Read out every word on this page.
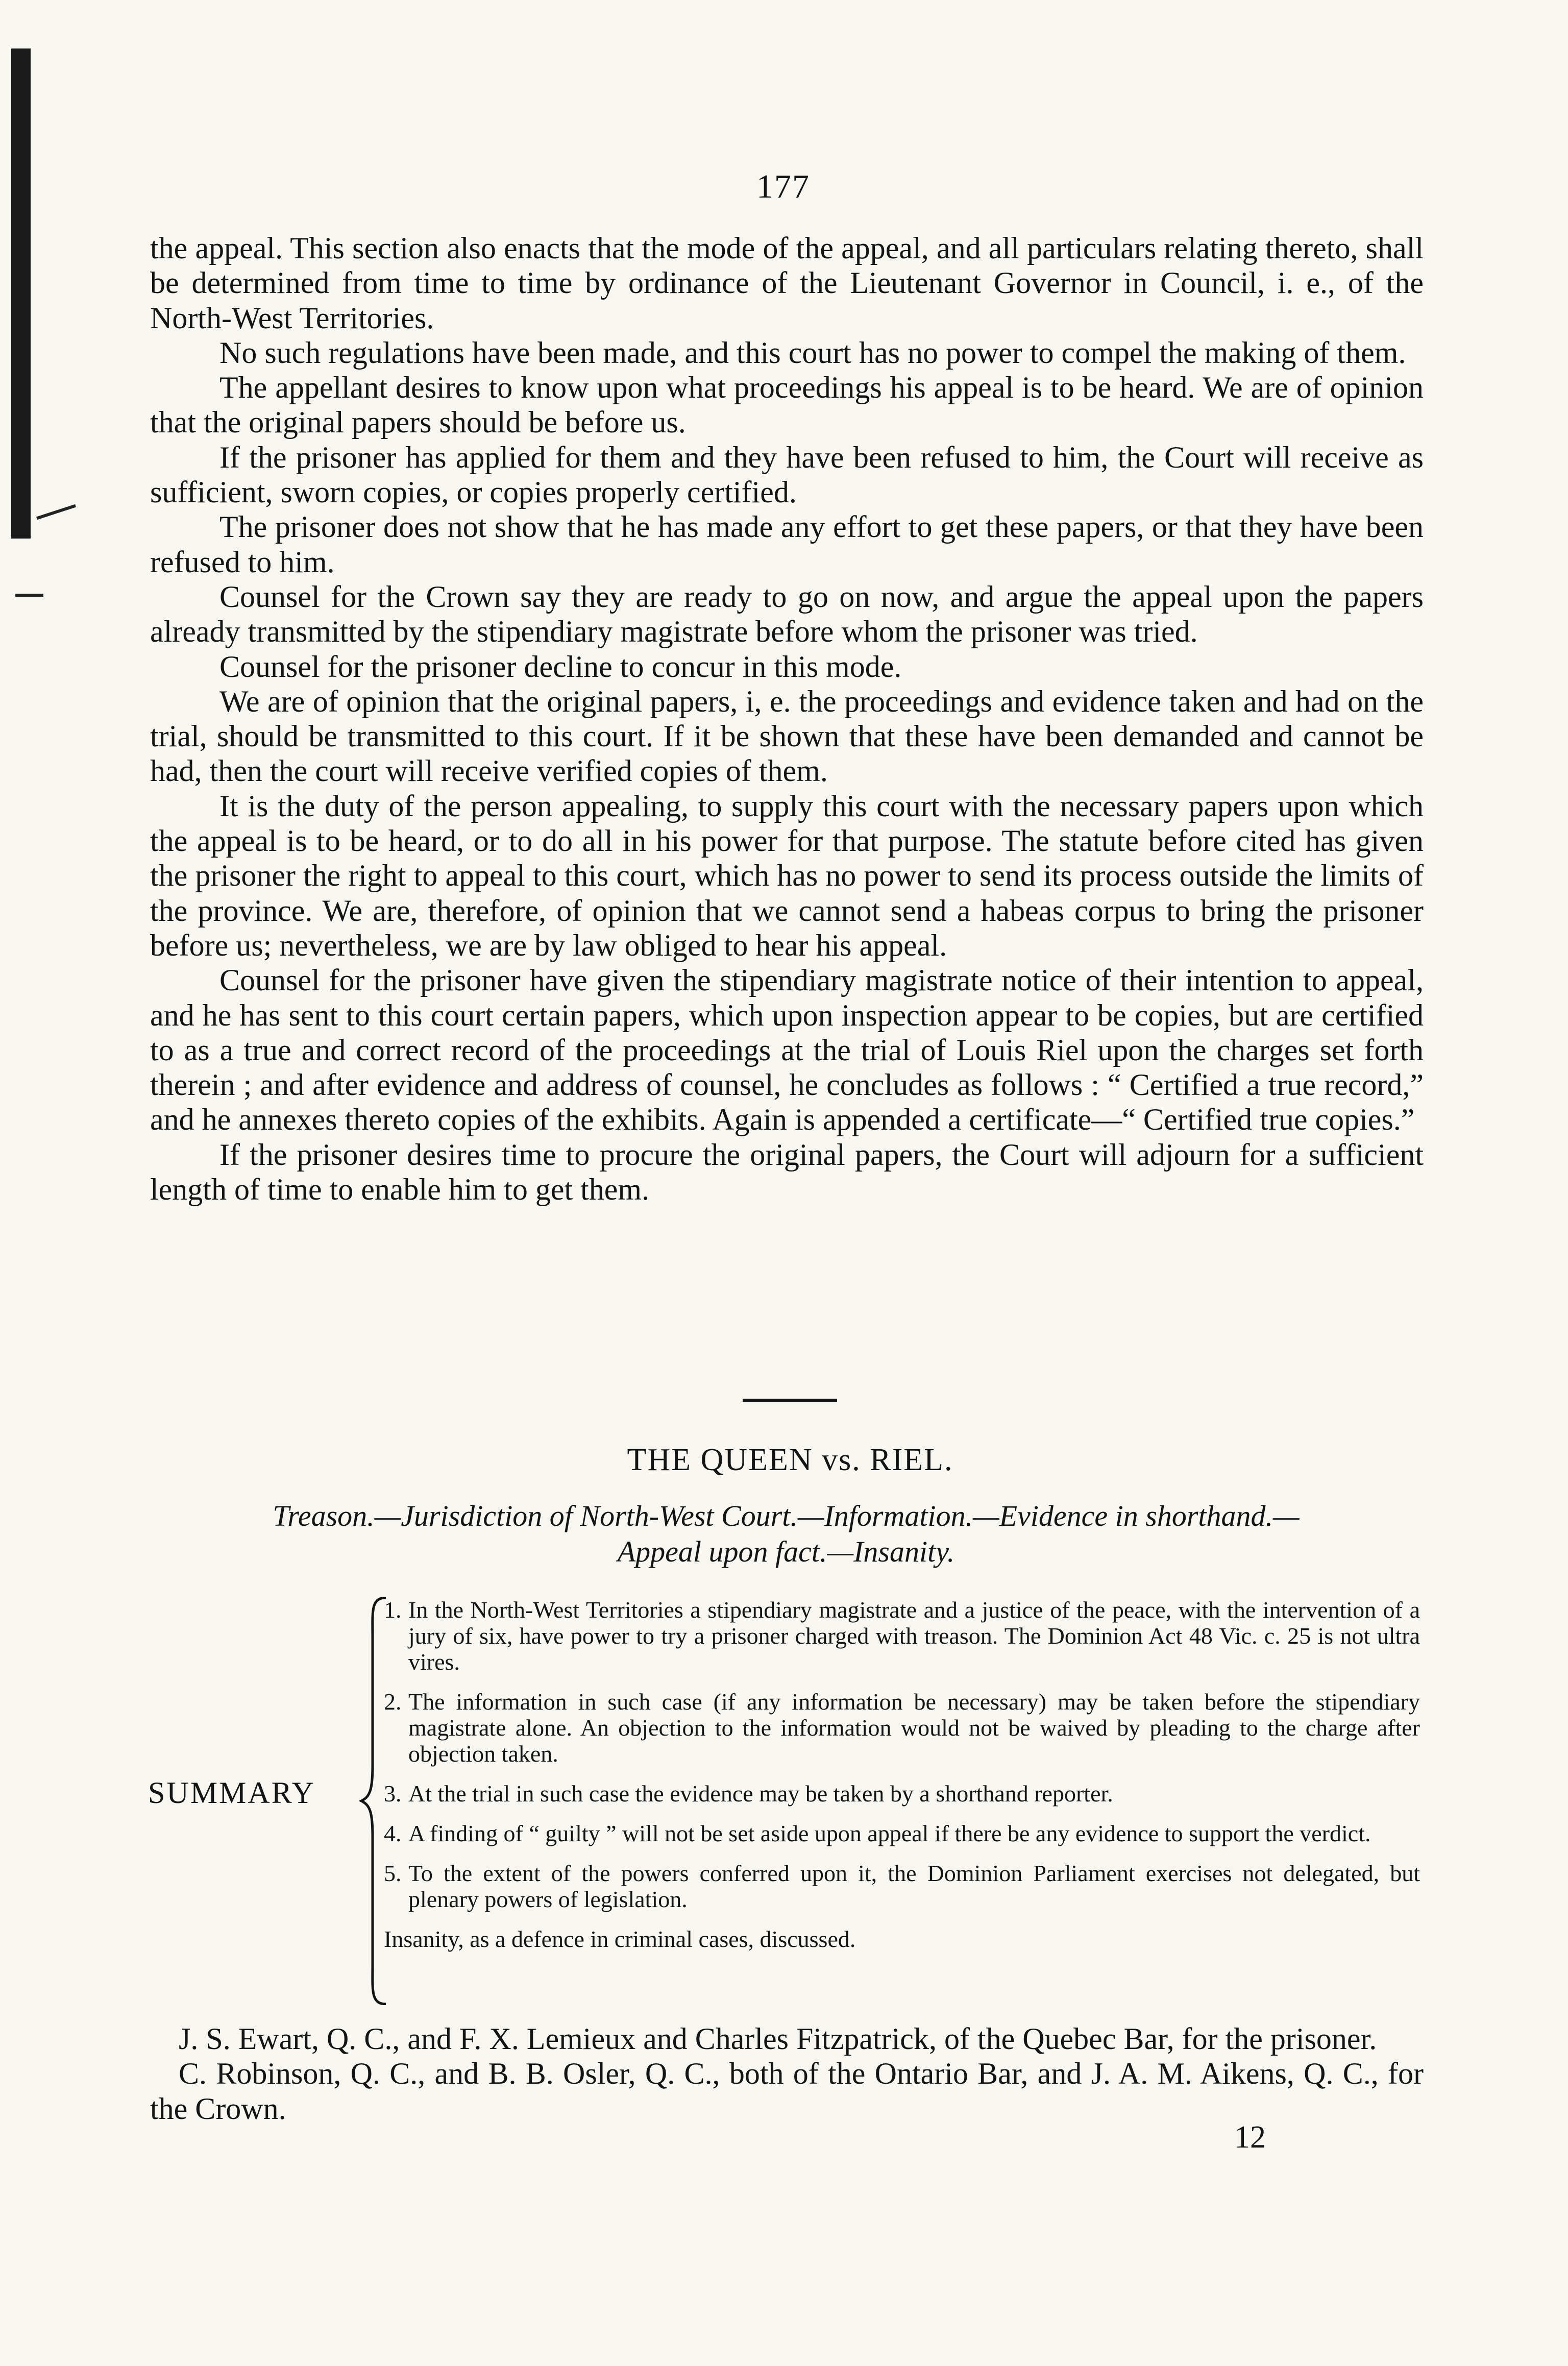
177

the appeal. This section also enacts that the mode of the appeal, and all particulars relating thereto, shall be determined from time to time by ordinance of the Lieutenant Governor in Council, i. e., of the North-West Territories.

No such regulations have been made, and this court has no power to compel the making of them.

The appellant desires to know upon what proceedings his appeal is to be heard. We are of opinion that the original papers should be before us.

If the prisoner has applied for them and they have been refused to him, the Court will receive as sufficient, sworn copies, or copies properly certified.

The prisoner does not show that he has made any effort to get these papers, or that they have been refused to him.

Counsel for the Crown say they are ready to go on now, and argue the appeal upon the papers already transmitted by the stipendiary magistrate before whom the prisoner was tried.

Counsel for the prisoner decline to concur in this mode.

We are of opinion that the original papers, i, e. the proceedings and evidence taken and had on the trial, should be transmitted to this court. If it be shown that these have been demanded and cannot be had, then the court will receive verified copies of them.

It is the duty of the person appealing, to supply this court with the necessary papers upon which the appeal is to be heard, or to do all in his power for that purpose. The statute before cited has given the prisoner the right to appeal to this court, which has no power to send its process outside the limits of the province. We are, therefore, of opinion that we cannot send a habeas corpus to bring the prisoner before us; nevertheless, we are by law obliged to hear his appeal.

Counsel for the prisoner have given the stipendiary magistrate notice of their intention to appeal, and he has sent to this court certain papers, which upon inspection appear to be copies, but are certified to as a true and correct record of the proceedings at the trial of Louis Riel upon the charges set forth therein ; and after evidence and address of counsel, he concludes as follows : “ Certified a true record,” and he annexes thereto copies of the exhibits. Again is appended a certificate—“ Certified true copies.”

If the prisoner desires time to procure the original papers, the Court will adjourn for a sufficient length of time to enable him to get them.

THE QUEEN vs. RIEL.
Treason.—Jurisdiction of North-West Court.—Information.—Evidence in shorthand.—
Appeal upon fact.—Insanity.
SUMMARY
1. In the North-West Territories a stipendiary magistrate and a justice of the peace, with the intervention of a jury of six, have power to try a prisoner charged with treason. The Dominion Act 48 Vic. c. 25 is not ultra vires.
2. The information in such case (if any information be necessary) may be taken before the stipendiary magistrate alone. An objection to the information would not be waived by pleading to the charge after objection taken.
3. At the trial in such case the evidence may be taken by a shorthand reporter.
4. A finding of “ guilty ” will not be set aside upon appeal if there be any evidence to support the verdict.
5. To the extent of the powers conferred upon it, the Dominion Parliament exercises not delegated, but plenary powers of legislation.
Insanity, as a defence in criminal cases, discussed.

J. S. Ewart, Q. C., and F. X. Lemieux and Charles Fitzpatrick, of the Quebec Bar, for the prisoner.

C. Robinson, Q. C., and B. B. Osler, Q. C., both of the Ontario Bar, and J. A. M. Aikens, Q. C., for the Crown.

12
